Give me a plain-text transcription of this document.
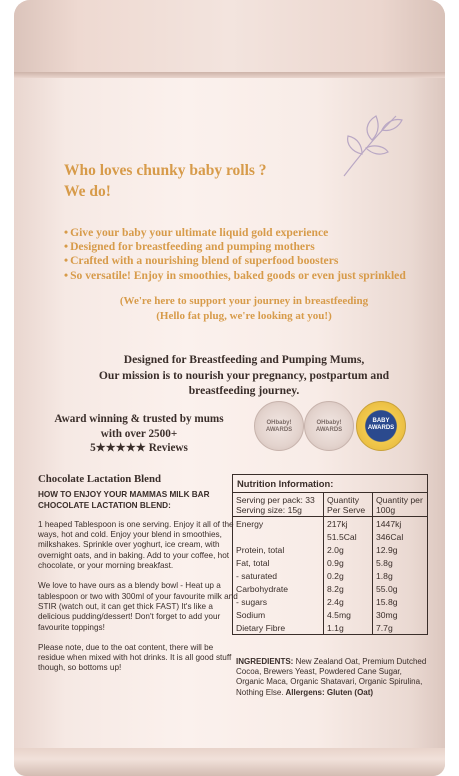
Who loves chunky baby rolls ?
We do!
• Give your baby your ultimate liquid gold experience
• Designed for breastfeeding and pumping mothers
• Crafted with a nourishing blend of superfood boosters
• So versatile! Enjoy in smoothies, baked goods or even just sprinkled
(We're here to support your journey in breastfeeding
(Hello fat plug, we're looking at you!)
Designed for Breastfeeding and Pumping Mums,
Our mission is to nourish your pregnancy, postpartum and
breastfeeding journey.
Award winning & trusted by mums
with over 2500+
5★★★★★ Reviews
OHbaby!
AWARDS
OHbaby!
AWARDS
BABY
AWARDS
Chocolate Lactation Blend
HOW TO ENJOY YOUR MAMMAS MILK BAR CHOCOLATE LACTATION BLEND:

1 heaped Tablespoon is one serving. Enjoy it all of the ways, hot and cold. Enjoy your blend in smoothies, milkshakes. Sprinkle over yoghurt, ice cream, with overnight oats, and in baking. Add to your coffee, hot chocolate, or your morning breakfast.

We love to have ours as a blendy bowl - Heat up a tablespoon or two with 300ml of your favourite milk and STIR (watch out, it can get thick FAST) It's like a delicious pudding/dessert! Don't forget to add your favourite toppings!

Please note, due to the oat content, there will be residue when mixed with hot drinks. It is all good stuff though, so bottoms up!

Nutrition Information:
Serving per pack: 33
Serving size: 15g	Quantity Per Serve	Quantity per 100g
Energy	217kj	1447kj
	51.5Cal	346Cal
Protein, total	2.0g	12.9g
Fat, total	0.9g	5.8g
- saturated	0.2g	1.8g
Carbohydrate	8.2g	55.0g
- sugars	2.4g	15.8g
Sodium	4.5mg	30mg
Dietary Fibre	1.1g	7.7g
INGREDIENTS: New Zealand Oat, Premium Dutched Cocoa, Brewers Yeast, Powdered Cane Sugar, Organic Maca, Organic Shatavari, Organic Spirulina, Nothing Else. Allergens: Gluten (Oat)
